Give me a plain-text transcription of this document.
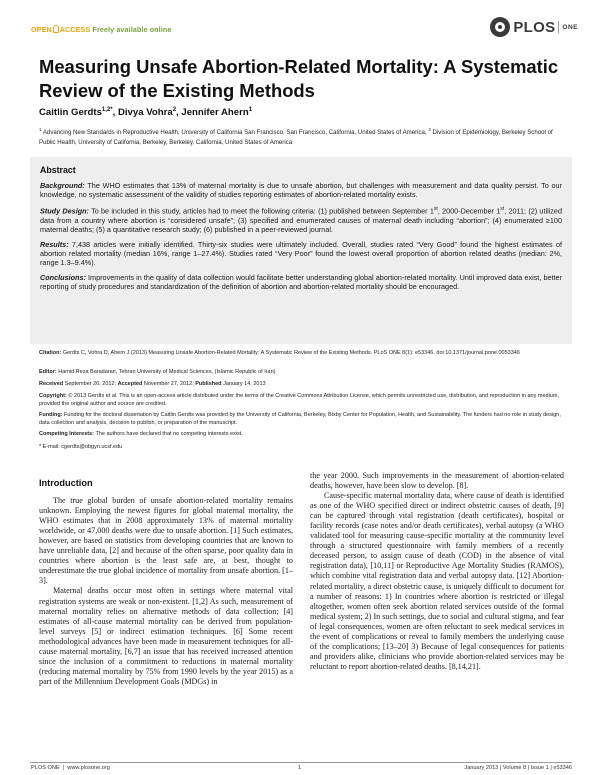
OPEN ACCESS Freely available online	PLOS ONE
Measuring Unsafe Abortion-Related Mortality: A Systematic Review of the Existing Methods
Caitlin Gerdts$^{1,2*}$, Divya Vohra$^2$, Jennifer Ahern$^1$
$^1$ Advancing New Standards in Reproductive Health, University of California San Francisco, San Francisco, California, United States of America, $^2$ Division of Epidemiology, Berkeley School of Public Health, University of California, Berkeley, Berkeley, California, United States of America
Abstract

Background: The WHO estimates that 13% of maternal mortality is due to unsafe abortion, but challenges with measurement and data quality persist. To our knowledge, no systematic assessment of the validity of studies reporting estimates of abortion-related mortality exists.

Study Design: To be included in this study, articles had to meet the following criteria: (1) published between September 1st, 2000-December 1st, 2011; (2) utilized data from a country where abortion is “considered unsafe”; (3) specified and enumerated causes of maternal death including “abortion”; (4) enumerated ≥100 maternal deaths; (5) a quantitative research study; (6) published in a peer-reviewed journal.

Results: 7,438 articles were initially identified. Thirty-six studies were ultimately included. Overall, studies rated “Very Good” found the highest estimates of abortion related mortality (median 16%, range 1–27.4%). Studies rated “Very Poor” found the lowest overall proportion of abortion related deaths (median: 2%, range 1.3–9.4%).

Conclusions: Improvements in the quality of data collection would facilitate better understanding global abortion-related mortality. Until improved data exist, better reporting of study procedures and standardization of the definition of abortion and abortion-related mortality should be encouraged.

Citation: Gerdts C, Vohra D, Ahern J (2013) Measuring Unsafe Abortion-Related Mortality: A Systematic Review of the Existing Methods. PLoS ONE 8(1): e53346. doi:10.1371/journal.pone.0053346
Editor: Hamid Reza Baradaran, Tehran University of Medical Sciences, (Islamic Republic of Iran)
Received September 26, 2012; Accepted November 27, 2012; Published January 14, 2013
Copyright: © 2013 Gerdts et al. This is an open-access article distributed under the terms of the Creative Commons Attribution License, which permits unrestricted use, distribution, and reproduction in any medium, provided the original author and source are credited.
Funding: Funding for the doctoral dissertation by Caitlin Gerdts was provided by the University of California, Berkeley, Bixby Center for Population, Health, and Sustainability. The funders had no role in study design, data collection and analysis, decision to publish, or preparation of the manuscript.
Competing Interests: The authors have declared that no competing interests exist.
* E-mail: cgerdts@obgyn.ucsf.edu
Introduction

The true global burden of unsafe abortion-related mortality remains unknown. Employing the newest figures for global maternal mortality, the WHO estimates that in 2008 approximately 13% of maternal mortality worldwide, or 47,000 deaths were due to unsafe abortion. [1] Such estimates, however, are based on statistics from developing countries that are known to have unreliable data, [2] and because of the often sparse, poor quality data in countries where abortion is the least safe are, at best, thought to underestimate the true global incidence of mortality from unsafe abortion. [1–3].

Maternal deaths occur most often in settings where maternal vital registration systems are weak or non-existent. [1,2] As such, measurement of maternal mortality relies on alternative methods of data collection; [4] estimates of all-cause maternal mortality can be derived from population-level surveys [5] or indirect estimation techniques. [6] Some recent methodological advances have been made in measurement techniques for all-cause maternal mortality, [6,7] an issue that has received increased attention since the inclusion of a commitment to reductions in maternal mortality (reducing maternal mortality by 75% from 1990 levels by the year 2015) as a part of the Millennium Development Goals (MDGs) in

the year 2000. Such improvements in the measurement of abortion-related deaths, however, have been slow to develop. [8].

Cause-specific maternal mortality data, where cause of death is identified as one of the WHO specified direct or indirect obstetric causes of death, [9] can be captured through vital registration (death certificates), hospital or facility records (case notes and/or death certificates), verbal autopsy (a WHO validated tool for measuring cause-specific mortality at the community level through a structured questionnaire with family members of a recently deceased person, to assign cause of death (COD) in the absence of vital registration data), [10,11] or Reproductive Age Mortality Studies (RAMOS), which combine vital registration data and verbal autopsy data. [12] Abortion-related mortality, a direct obstetric cause, is uniquely difficult to document for a number of reasons: 1) In countries where abortion is restricted or illegal altogether, women often seek abortion related services outside of the formal medical system; 2) In such settings, due to social and cultural stigma, and fear of legal consequences, women are often reluctant to seek medical services in the event of complications or reveal to family members the underlying cause of the complications; [13–20] 3) Because of legal consequences for patients and providers alike, clinicians who provide abortion-related services may be reluctant to report abortion-related deaths. [8,14,21].

PLOS ONE  |  www.plosone.org	1	January 2013 | Volume 8 | Issue 1 | e53346
